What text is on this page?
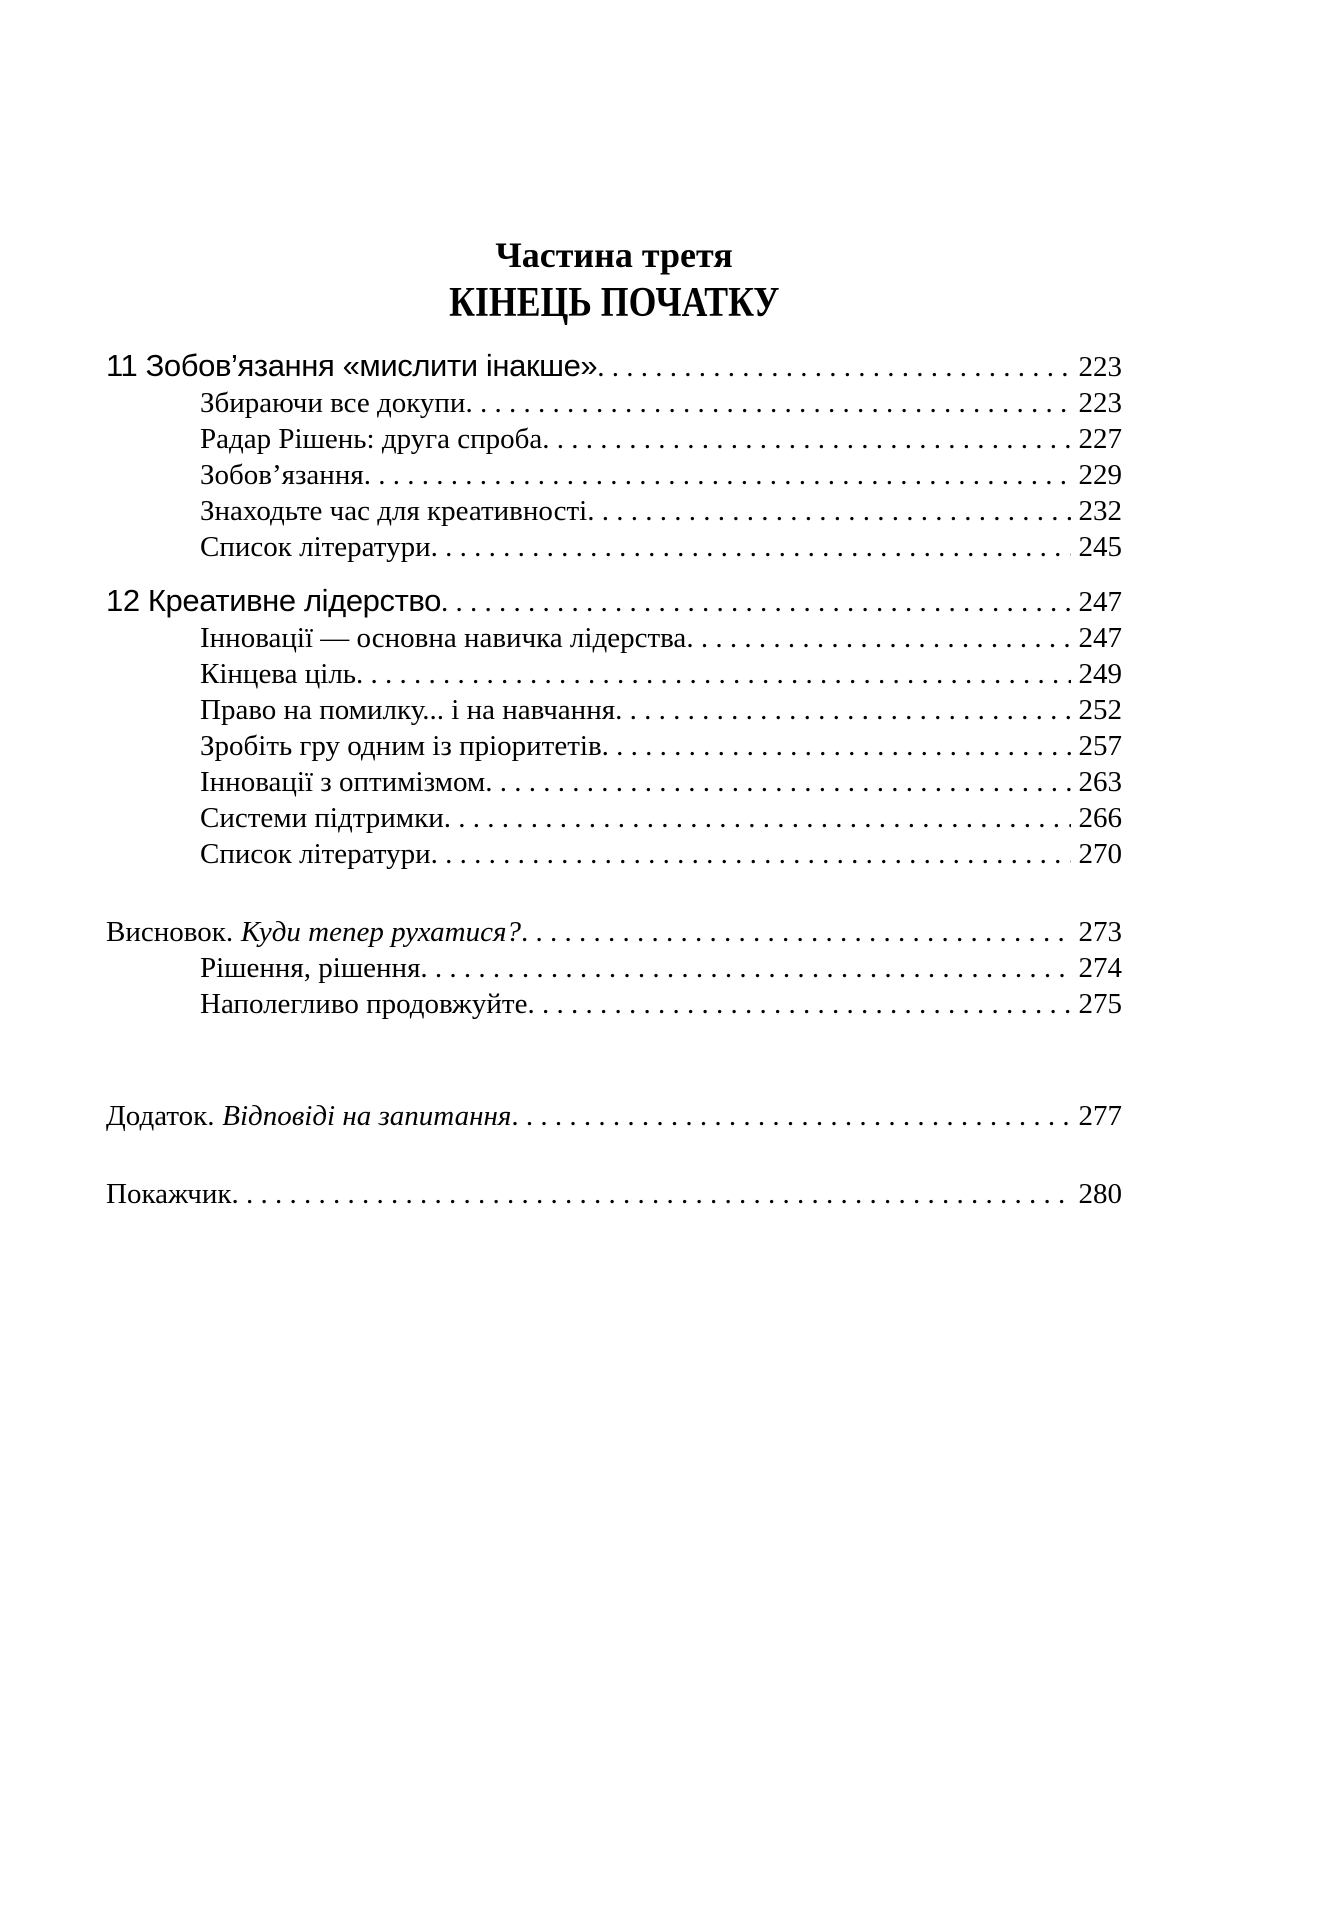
Частина третя
КІНЕЦЬ ПОЧАТКУ
11 Зобов’язання «мислити інакше» . . .	223
Збираючи все докупи . . .	223
Радар Рішень: друга спроба . . .	227
Зобов’язання . . .	229
Знаходьте час для креативності . . .	232
Список літератури . . .	245
12 Креативне лідерство . . .	247
Інновації — основна навичка лідерства . . .	247
Кінцева ціль . . .	249
Право на помилку... і на навчання . . .	252
Зробіть гру одним із пріоритетів . . .	257
Інновації з оптимізмом . . .	263
Системи підтримки . . .	266
Список літератури . . .	270
Висновок. Куди тепер рухатися? . . .	273
Рішення, рішення . . .	274
Наполегливо продовжуйте . . .	275
Додаток. Відповіді на запитання . . .	277
Покажчик . . .	280
